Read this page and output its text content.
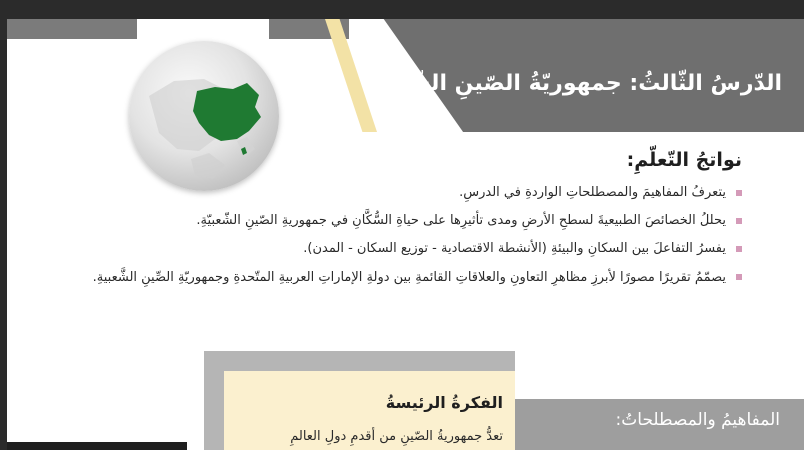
الدّرسُ الثّالثُ: جمهوريّةُ الصّينِ الشّعبيّةِ
نواتجُ التّعلّمِ:
يتعرفُ المفاهيمَ والمصطلحاتِ الواردةِ في الدرسِ.
يحللُ الخصائصَ الطبيعيةَ لسطحِ الأرضِ ومدى تأثيرِها على حياةِ السُّكَّانِ في جمهوريةِ الصّينِ الشّعبيّةِ.
يفسرُ التفاعلَ بين السكانِ والبيئةِ (الأنشطة الاقتصادية - توزيع السكان - المدن).
يصمّمُ تقريرًا مصورًا لأبرزِ مظاهرِ التعاونِ والعلاقاتِ القائمةِ بين دولةِ الإماراتِ العربيةِ المتّحدةِ وجمهوريّةِ الصِّينِ الشَّعبيةِ.
المفاهيمُ والمصطلحاتُ:
الفكرةُ الرئيسةُ
تعدُّ جمهوريةُ الصّينِ من أقدمِ دولِ العالمِ
